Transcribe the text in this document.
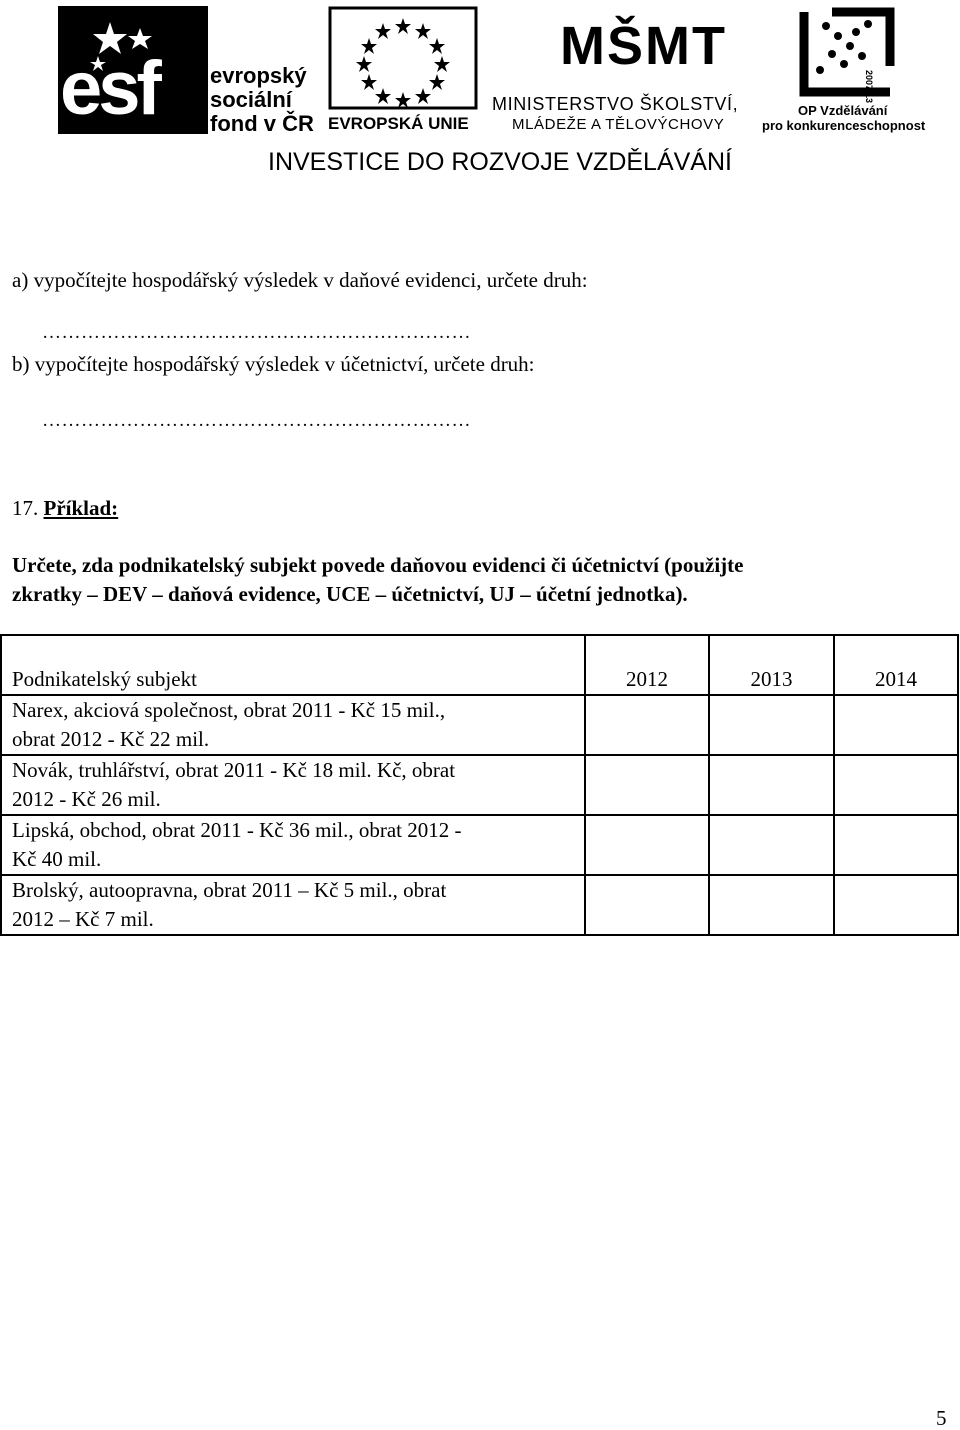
esf evropský
sociální
fond v ČR EVROPSKÁ UNIE
MŠMT
MINISTERSTVO ŠKOLSTVÍ,
MLÁDEŽE A TĚLOVÝCHOVY
2007-13
OP Vzdělávání
pro konkurenceschopnost
INVESTICE DO ROZVOJE VZDĚLÁVÁNÍ
a) vypočítejte hospodářský výsledek v daňové evidenci, určete druh:
…………………………………………………………
b) vypočítejte hospodářský výsledek v účetnictví, určete druh:
…………………………………………………………
17. Příklad:
Určete, zda podnikatelský subjekt povede daňovou evidenci či účetnictví (použijte
zkratky – DEV – daňová evidence, UCE – účetnictví, UJ – účetní jednotka).
Podnikatelský subjekt	2012	2013	2014

Narex, akciová společnost, obrat 2011 - Kč 15 mil.,
obrat 2012 - Kč 22 mil.			

Novák, truhlářství, obrat 2011 - Kč 18 mil. Kč, obrat
2012 - Kč 26 mil.			

Lipská, obchod, obrat 2011 - Kč 36 mil., obrat 2012 -
Kč 40 mil.			

Brolský, autoopravna, obrat 2011 – Kč 5 mil., obrat
2012 – Kč 7 mil.			

5
